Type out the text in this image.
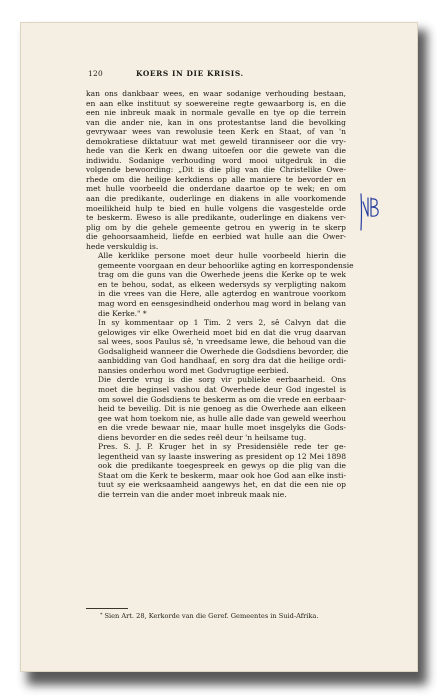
120	KOERS IN DIE KRISIS.

kan ons dankbaar wees, en waar sodanige verhouding bestaan,
en aan elke instituut sy soewereine regte gewaarborg is, en die
een nie inbreuk maak in normale gevalle en tye op die terrein
van die ander nie, kan in ons protestantse land die bevolking
gevrywaar wees van rewolusie teen Kerk en Staat, of van 'n
demokratiese diktatuur wat met geweld tiranniseer oor die vry-
hede van die Kerk en dwang uitoefen oor die gewete van die
indiwidu. Sodanige verhouding word mooi uitgedruk in die
volgende bewoording: „Dit is die plig van die Christelike Owe-
rhede om die heilige kerkdiens op alle maniere te bevorder en
met hulle voorbeeld die onderdane daartoe op te wek; en om
aan die predikante, ouderlinge en diakens in alle voorkomende
moeilikheid hulp te bied en hulle volgens die vasgestelde orde
te beskerm. Eweso is alle predikante, ouderlinge en diakens ver-
plig om by die gehele gemeente getrou en ywerig in te skerp
die gehoorsaamheid, liefde en eerbied wat hulle aan die Ower-
hede verskuldig is.

Alle kerklike persone moet deur hulle voorbeeld hierin die
gemeente voorgaan en deur behoorlike agting en korrespondensie
trag om die guns van die Owerhede jeens die Kerke op te wek
en te behou, sodat, as elkeen wedersyds sy verpligting nakom
in die vrees van die Here, alle agterdog en wantroue voorkom
mag word en eensgesindheid onderhou mag word in belang van
die Kerke." *

In sy kommentaar op 1 Tim. 2 vers 2, sê Calvyn dat die
gelowiges vir elke Owerheid moet bid en dat die vrug daarvan
sal wees, soos Paulus sê, 'n vreedsame lewe, die behoud van die
Godsaligheid wanneer die Owerhede die Godsdiens bevorder, die
aanbidding van God handhaaf, en sorg dra dat die heilige ordi-
nansies onderhou word met Godvrugtige eerbied.

Die derde vrug is die sorg vir publieke eerbaarheid. Ons
moet die beginsel vashou dat Owerhede deur God ingestel is
om sowel die Godsdiens te beskerm as om die vrede en eerbaar-
heid te beveilig. Dit is nie genoeg as die Owerhede aan elkeen
gee wat hom toekom nie, as hulle alle dade van geweld weerhou
en die vrede bewaar nie, maar hulle moet insgelyks die Gods-
diens bevorder en die sedes reël deur 'n heilsame tug.

Pres. S. J. P. Kruger het in sy Presidensiële rede ter ge-
legentheid van sy laaste inswering as president op 12 Mei 1898
ook die predikante toegespreek en gewys op die plig van die
Staat om die Kerk te beskerm, maar ook hoe God aan elke insti-
tuut sy eie werksaamheid aangewys het, en dat die een nie op
die terrein van die ander moet inbreuk maak nie.

* Sien Art. 28, Kerkorde van die Geref. Gemeentes in Suid-Afrika.
